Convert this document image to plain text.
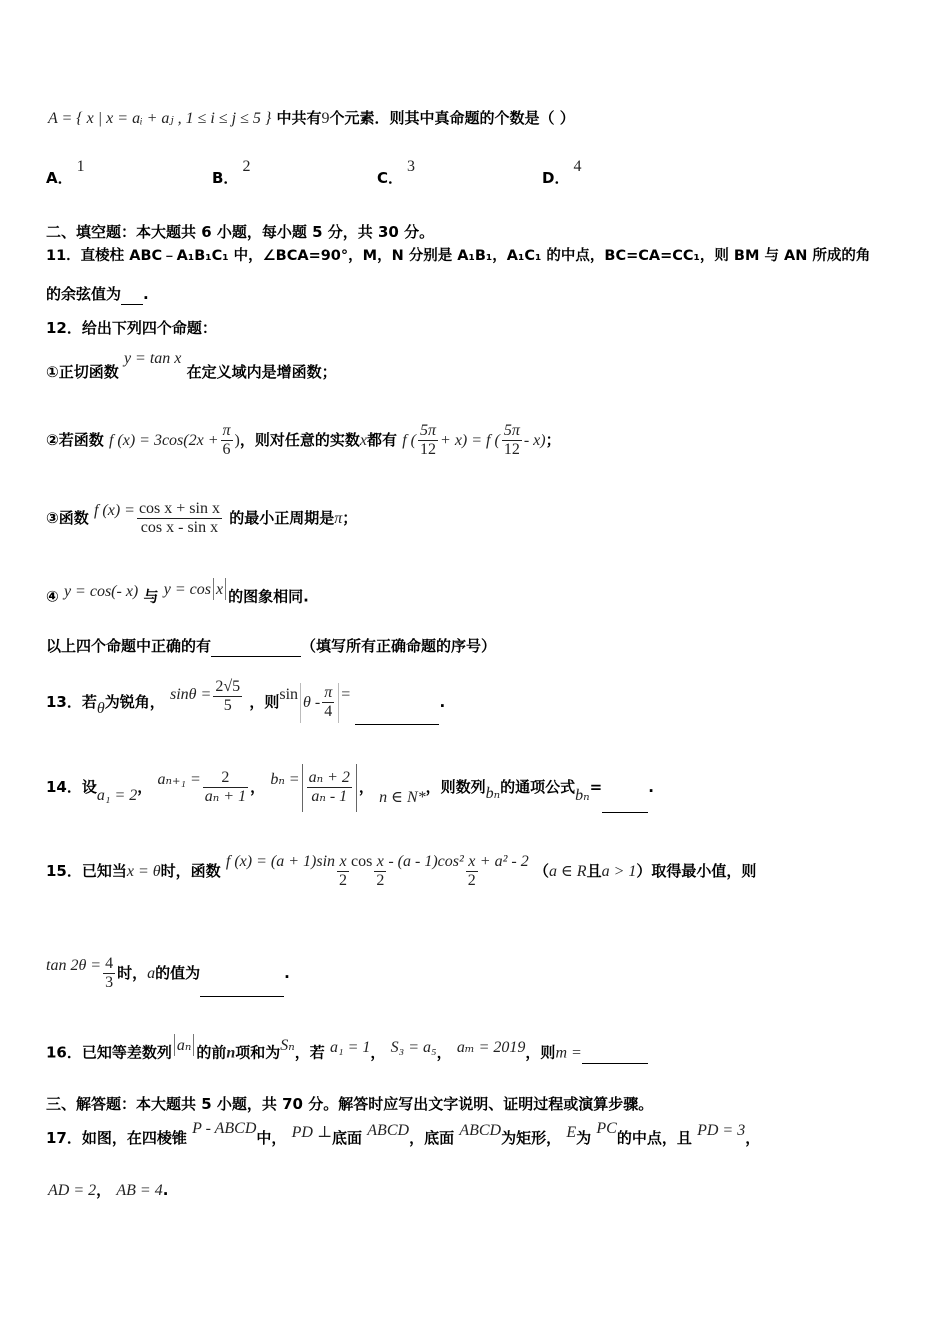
A = { x | x = aᵢ + aⱼ , 1 ≤ i ≤ j ≤ 5 } 中共有9个元素．则其中真命题的个数是（ ）
A．1
B．2
C．3
D．4
二、填空题：本大题共 6 小题，每小题 5 分，共 30 分。
11．直棱柱 ABC﹣A₁B₁C₁ 中，∠BCA=90°，M，N 分别是 A₁B₁，A₁C₁ 的中点，BC=CA=CC₁，则 BM 与 AN 所成的角
的余弦值为 .
12．给出下列四个命题：
①正切函数 y = tan x 在定义域内是增函数；
②若函数 f $(x) = 3\cos(2x + \frac{\pi}{6}$ )，则对任意的实数x都有 f ( $\frac{5\pi}{12} + x) = f$ ( $\frac{5\pi}{12} - x$)；
③函数 f $(x) = \frac{\text{cos x + sin x}}{\text{cos x - sin x}}$ 的最小正周期是π；
④ y = cos(- x) 与 y = cos x 的图象相同.
以上四个命题中正确的有	（填写所有正确命题的序号）
13．若θ为锐角， $\sin\theta = \frac{2√5}{5}$ ，则sin θ - $\frac{\pi}{4}$ =	.
14．设a₁ = 2， $a_{n+1} = \frac{2}{\text{aₙ + 1}}$ ， $b_n = \frac{\text{aₙ + 2}}{\text{aₙ - 1}}$ ， n ∈ N*，则数列bₙ的通项公式bₙ=	.
15．已知当x = θ时，函数 f $(x) = (a + 1)\sin \frac{x}{2}$ $\cos \frac{x}{2} - (a - 1)\cos^2 \frac{x}{2} + a^2 - 2$ （a ∈ R且a > 1）取得最小值，则
$\tan 2\theta = \frac{4}{3}$ 时，a的值为	.
16．已知等差数列 aₙ 的前n项和为Sₙ，若 a₁ = 1， S₃ = a₅， aₘ = 2019，则m =
三、解答题：本大题共 5 小题，共 70 分。解答时应写出文字说明、证明过程或演算步骤。
17．如图，在四棱锥 P - ABCD中， PD ⊥底面 ABCD，底面 ABCD为矩形， E为 PC的中点，且 PD = 3，
AD = 2， AB = 4.
